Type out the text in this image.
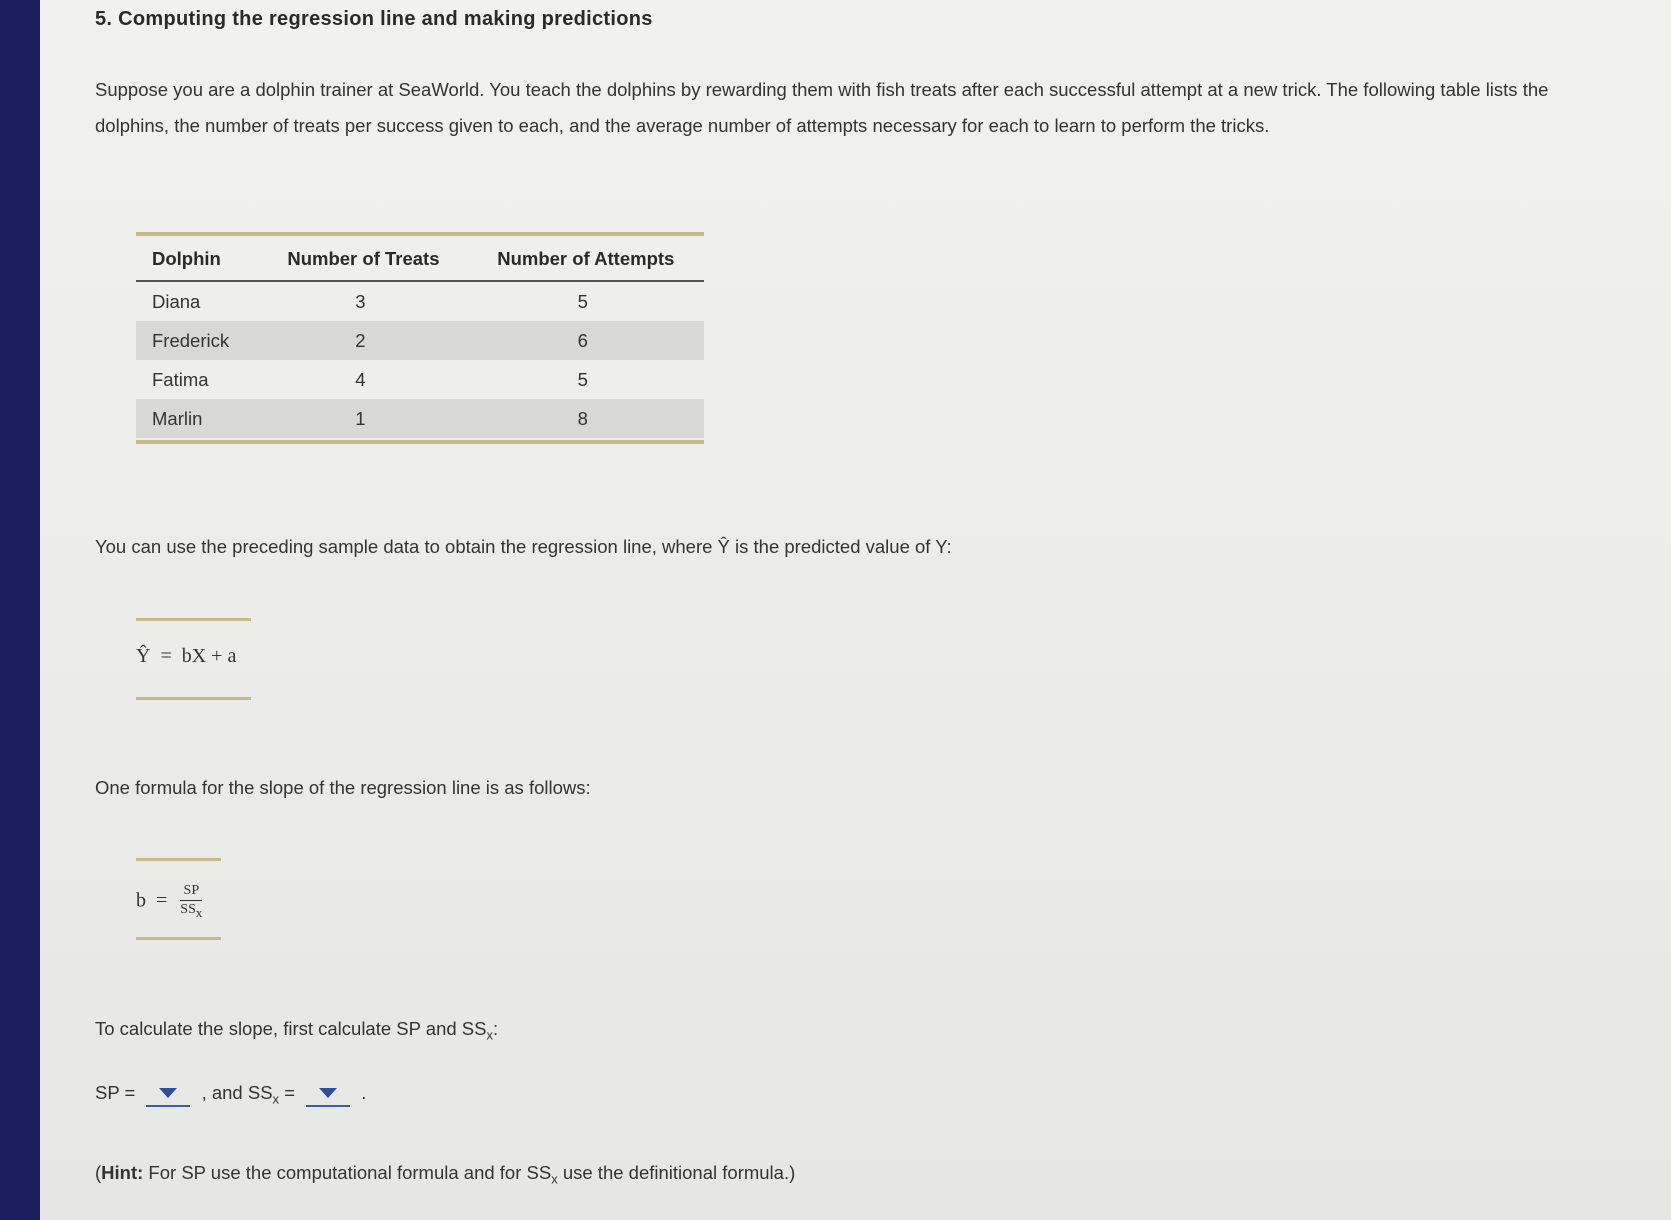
5. Computing the regression line and making predictions
Suppose you are a dolphin trainer at SeaWorld. You teach the dolphins by rewarding them with fish treats after each successful attempt at a new trick. The following table lists the dolphins, the number of treats per success given to each, and the average number of attempts necessary for each to learn to perform the tricks.
Dolphin	Number of Treats	Number of Attempts
Diana	3	5
Frederick	2	6
Fatima	4	5
Marlin	1	8
You can use the preceding sample data to obtain the regression line, where Ŷ is the predicted value of Y:
Ŷ = bX + a
One formula for the slope of the regression line is as follows:
$b = \frac{SP}{SS_x}$
To calculate the slope, first calculate SP and $SS_x$:
SP =	, and $SS_x$ =	.
(Hint: For SP use the computational formula and for $SS_x$ use the definitional formula.)
